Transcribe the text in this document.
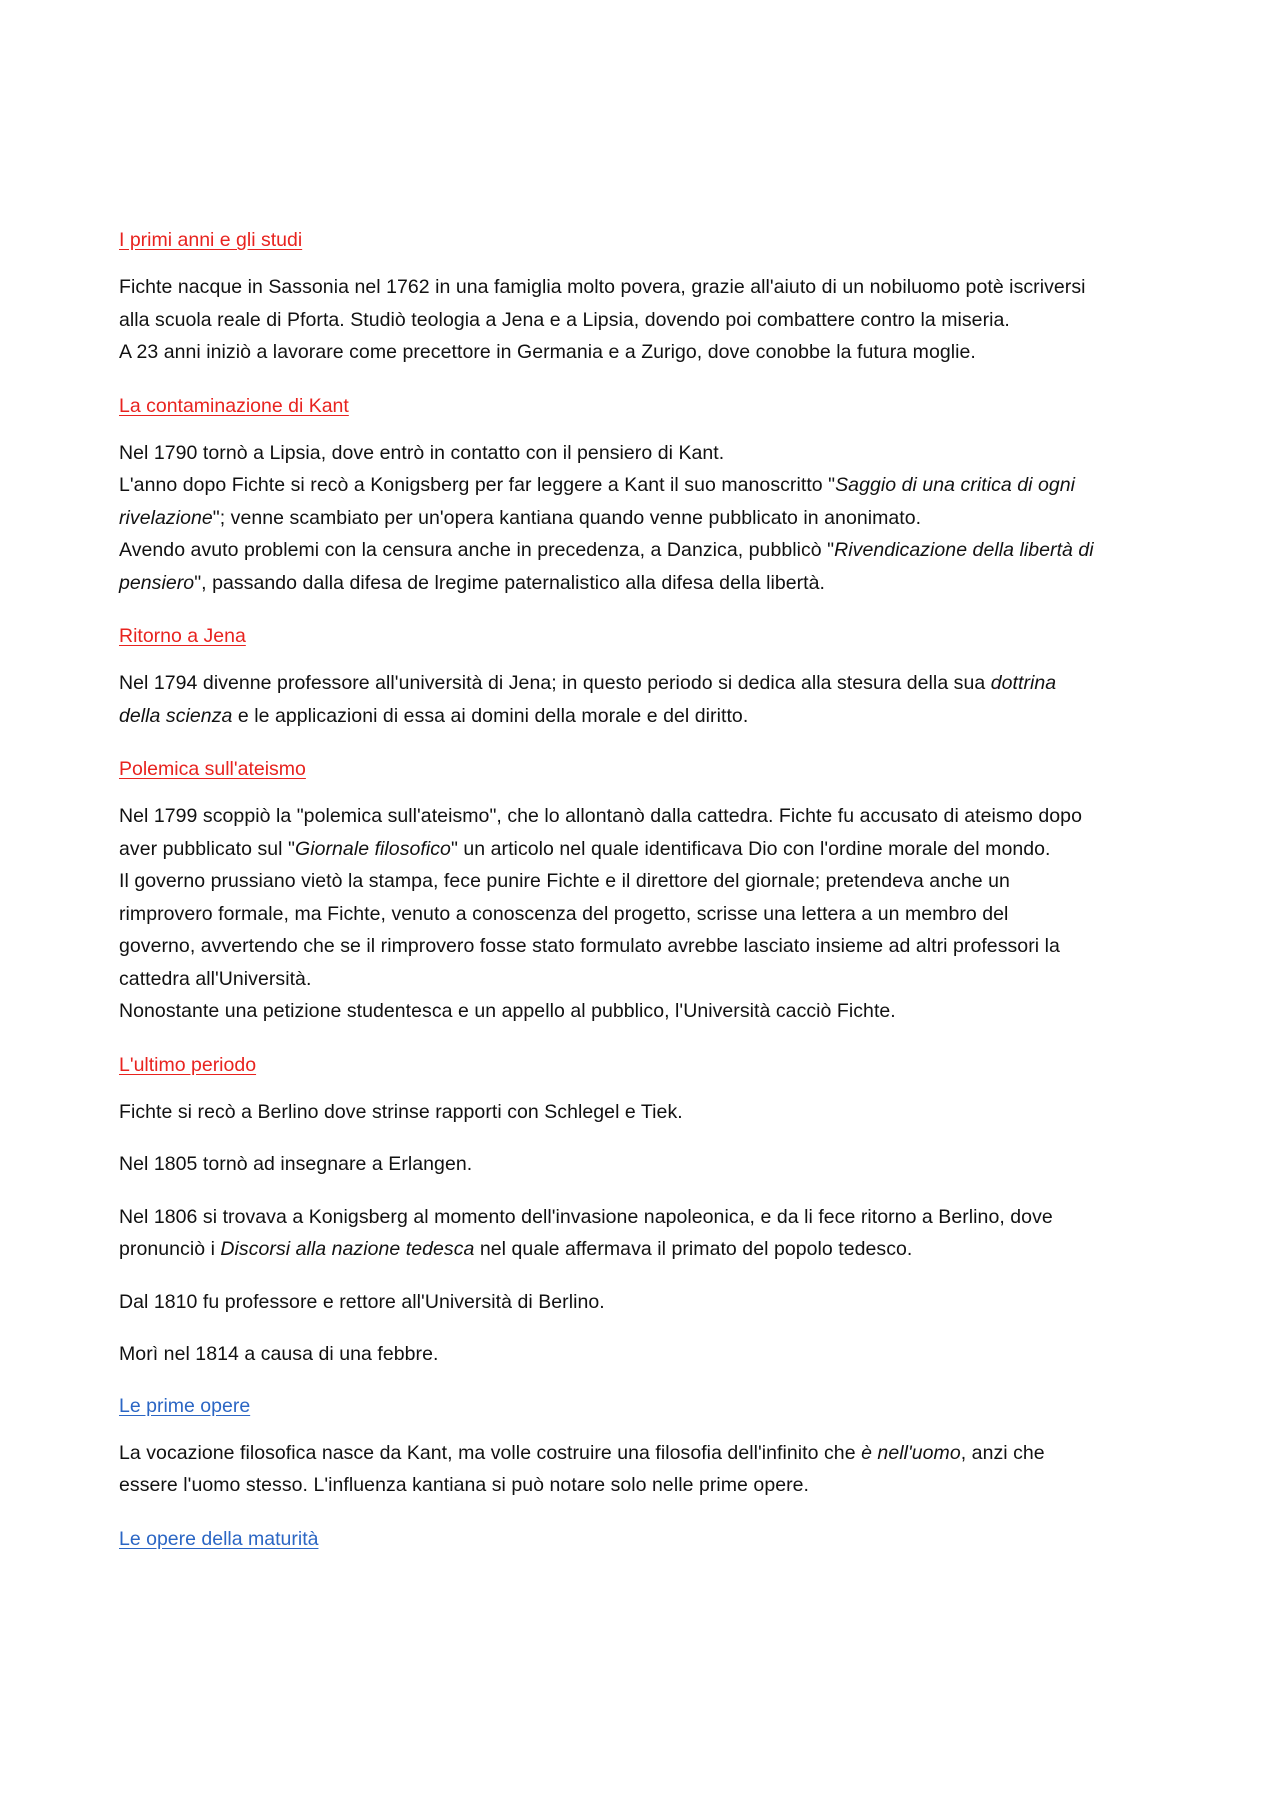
I primi anni e gli studi

Fichte nacque in Sassonia nel 1762 in una famiglia molto povera, grazie all'aiuto di un nobiluomo potè iscriversi
alla scuola reale di Pforta. Studiò teologia a Jena e a Lipsia, dovendo poi combattere contro la miseria.
A 23 anni iniziò a lavorare come precettore in Germania e a Zurigo, dove conobbe la futura moglie.

La contaminazione di Kant

Nel 1790 tornò a Lipsia, dove entrò in contatto con il pensiero di Kant.
L'anno dopo Fichte si recò a Konigsberg per far leggere a Kant il suo manoscritto "Saggio di una critica di ogni
rivelazione"; venne scambiato per un'opera kantiana quando venne pubblicato in anonimato.
Avendo avuto problemi con la censura anche in precedenza, a Danzica, pubblicò "Rivendicazione della libertà di
pensiero", passando dalla difesa de lregime paternalistico alla difesa della libertà.

Ritorno a Jena

Nel 1794 divenne professore all'università di Jena; in questo periodo si dedica alla stesura della sua dottrina
della scienza e le applicazioni di essa ai domini della morale e del diritto.

Polemica sull'ateismo

Nel 1799 scoppiò la "polemica sull'ateismo", che lo allontanò dalla cattedra. Fichte fu accusato di ateismo dopo
aver pubblicato sul "Giornale filosofico" un articolo nel quale identificava Dio con l'ordine morale del mondo.
Il governo prussiano vietò la stampa, fece punire Fichte e il direttore del giornale; pretendeva anche un
rimprovero formale, ma Fichte, venuto a conoscenza del progetto, scrisse una lettera a un membro del
governo, avvertendo che se il rimprovero fosse stato formulato avrebbe lasciato insieme ad altri professori la
cattedra all'Università.
Nonostante una petizione studentesca e un appello al pubblico, l'Università cacciò Fichte.

L'ultimo periodo

Fichte si recò a Berlino dove strinse rapporti con Schlegel e Tiek.

Nel 1805 tornò ad insegnare a Erlangen.

Nel 1806 si trovava a Konigsberg al momento dell'invasione napoleonica, e da li fece ritorno a Berlino, dove
pronunciò i Discorsi alla nazione tedesca nel quale affermava il primato del popolo tedesco.

Dal 1810 fu professore e rettore all'Università di Berlino.

Morì nel 1814 a causa di una febbre.

Le prime opere

La vocazione filosofica nasce da Kant, ma volle costruire una filosofia dell'infinito che è nell'uomo, anzi che
essere l'uomo stesso. L'influenza kantiana si può notare solo nelle prime opere.

Le opere della maturità
